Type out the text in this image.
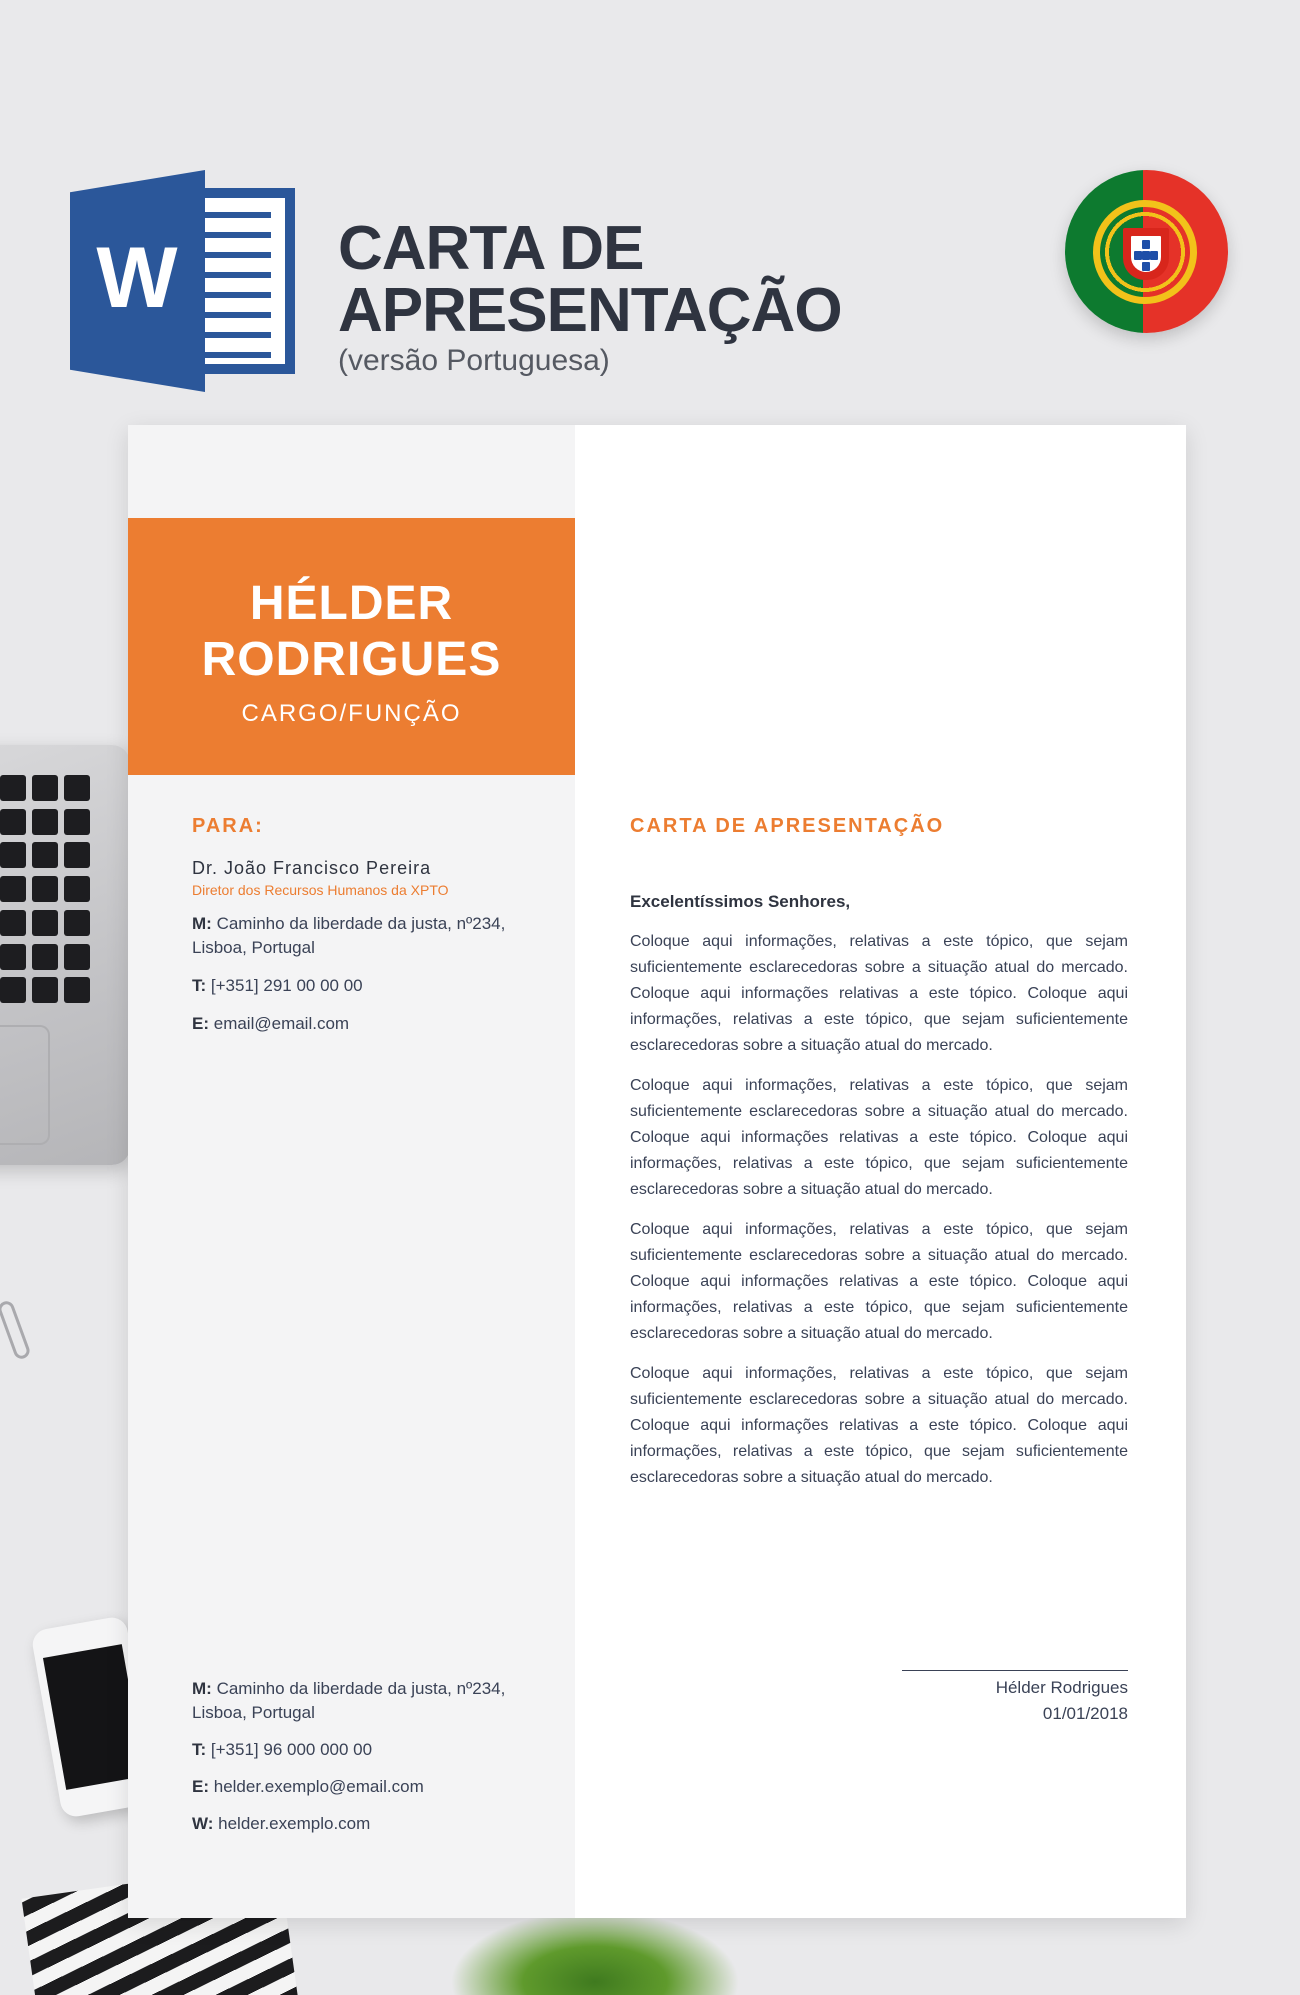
W	CARTA DE
APRESENTAÇÃO
(versão Portuguesa)
HÉLDER
RODRIGUES
CARGO/FUNÇÃO
PARA:
Dr. João Francisco Pereira
Diretor dos Recursos Humanos da XPTO
M: Caminho da liberdade da justa, nº234, Lisboa, Portugal
T: [+351] 291 00 00 00
E: email@email.com
M: Caminho da liberdade da justa, nº234, Lisboa, Portugal
T: [+351] 96 000 000 00
E: helder.exemplo@email.com
W: helder.exemplo.com
CARTA DE APRESENTAÇÃO
Excelentíssimos Senhores,

Coloque aqui informações, relativas a este tópico, que sejam suficientemente esclarecedoras sobre a situação atual do mercado. Coloque aqui informações relativas a este tópico. Coloque aqui informações, relativas a este tópico, que sejam suficientemente esclarecedoras sobre a situação atual do mercado.

Coloque aqui informações, relativas a este tópico, que sejam suficientemente esclarecedoras sobre a situação atual do mercado. Coloque aqui informações relativas a este tópico. Coloque aqui informações, relativas a este tópico, que sejam suficientemente esclarecedoras sobre a situação atual do mercado.

Coloque aqui informações, relativas a este tópico, que sejam suficientemente esclarecedoras sobre a situação atual do mercado. Coloque aqui informações relativas a este tópico. Coloque aqui informações, relativas a este tópico, que sejam suficientemente esclarecedoras sobre a situação atual do mercado.

Coloque aqui informações, relativas a este tópico, que sejam suficientemente esclarecedoras sobre a situação atual do mercado. Coloque aqui informações relativas a este tópico. Coloque aqui informações, relativas a este tópico, que sejam suficientemente esclarecedoras sobre a situação atual do mercado.

Hélder Rodrigues
01/01/2018
